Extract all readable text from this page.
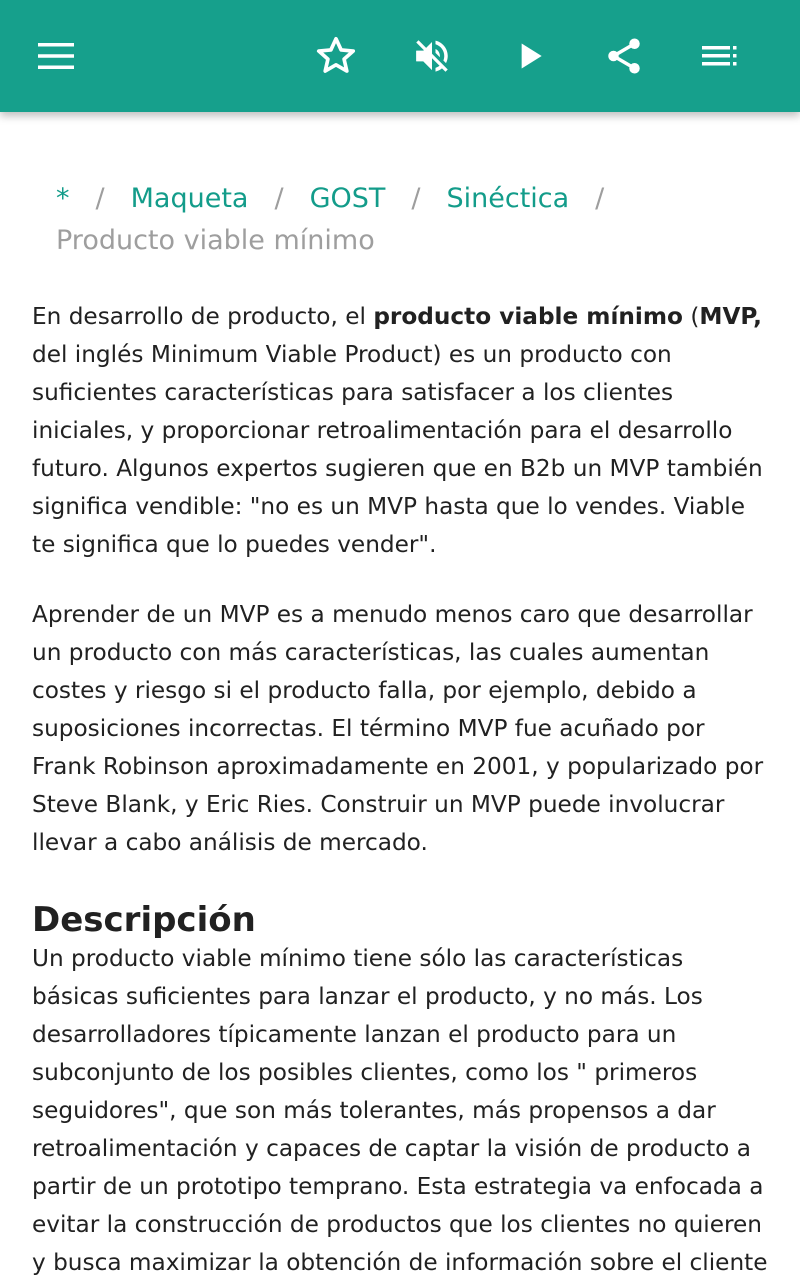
* / Maqueta / GOST / Sinéctica /
Producto viable mínimo

En desarrollo de producto, el producto viable mínimo (MVP, del inglés Minimum Viable Product) es un producto con suficientes características para satisfacer a los clientes iniciales, y proporcionar retroalimentación para el desarrollo futuro. Algunos expertos sugieren que en B2b un MVP también significa vendible: "no es un MVP hasta que lo vendes. Viable te significa que lo puedes vender".

Aprender de un MVP es a menudo menos caro que desarrollar un producto con más características, las cuales aumentan costes y riesgo si el producto falla, por ejemplo, debido a suposiciones incorrectas. El término MVP fue acuñado por Frank Robinson aproximadamente en 2001, y popularizado por Steve Blank, y Eric Ries. Construir un MVP puede involucrar llevar a cabo análisis de mercado.

Descripción

Un producto viable mínimo tiene sólo las características básicas suficientes para lanzar el producto, y no más. Los desarrolladores típicamente lanzan el producto para un subconjunto de los posibles clientes, como los " primeros seguidores", que son más tolerantes, más propensos a dar retroalimentación y capaces de captar la visión de producto a partir de un prototipo temprano. Esta estrategia va enfocada a evitar la construcción de productos que los clientes no quieren y busca maximizar la obtención de información sobre el cliente
